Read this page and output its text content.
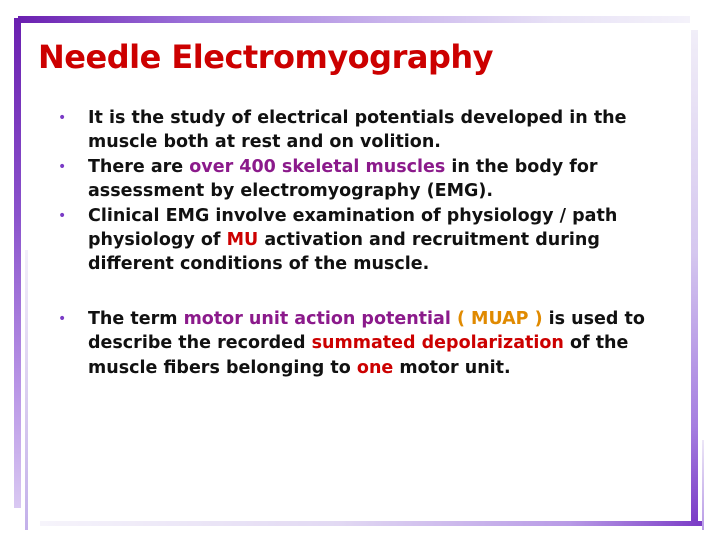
Needle Electromyography
• It is the study of electrical potentials developed in the muscle both at rest and on volition.
• There are over 400 skeletal muscles in the body for assessment by electromyography (EMG).
• Clinical EMG involve examination of physiology / path physiology of MU activation and recruitment during different conditions of the muscle.
• The term motor unit action potential ( MUAP ) is used to describe the recorded summated depolarization of the muscle fibers belonging to one motor unit.
